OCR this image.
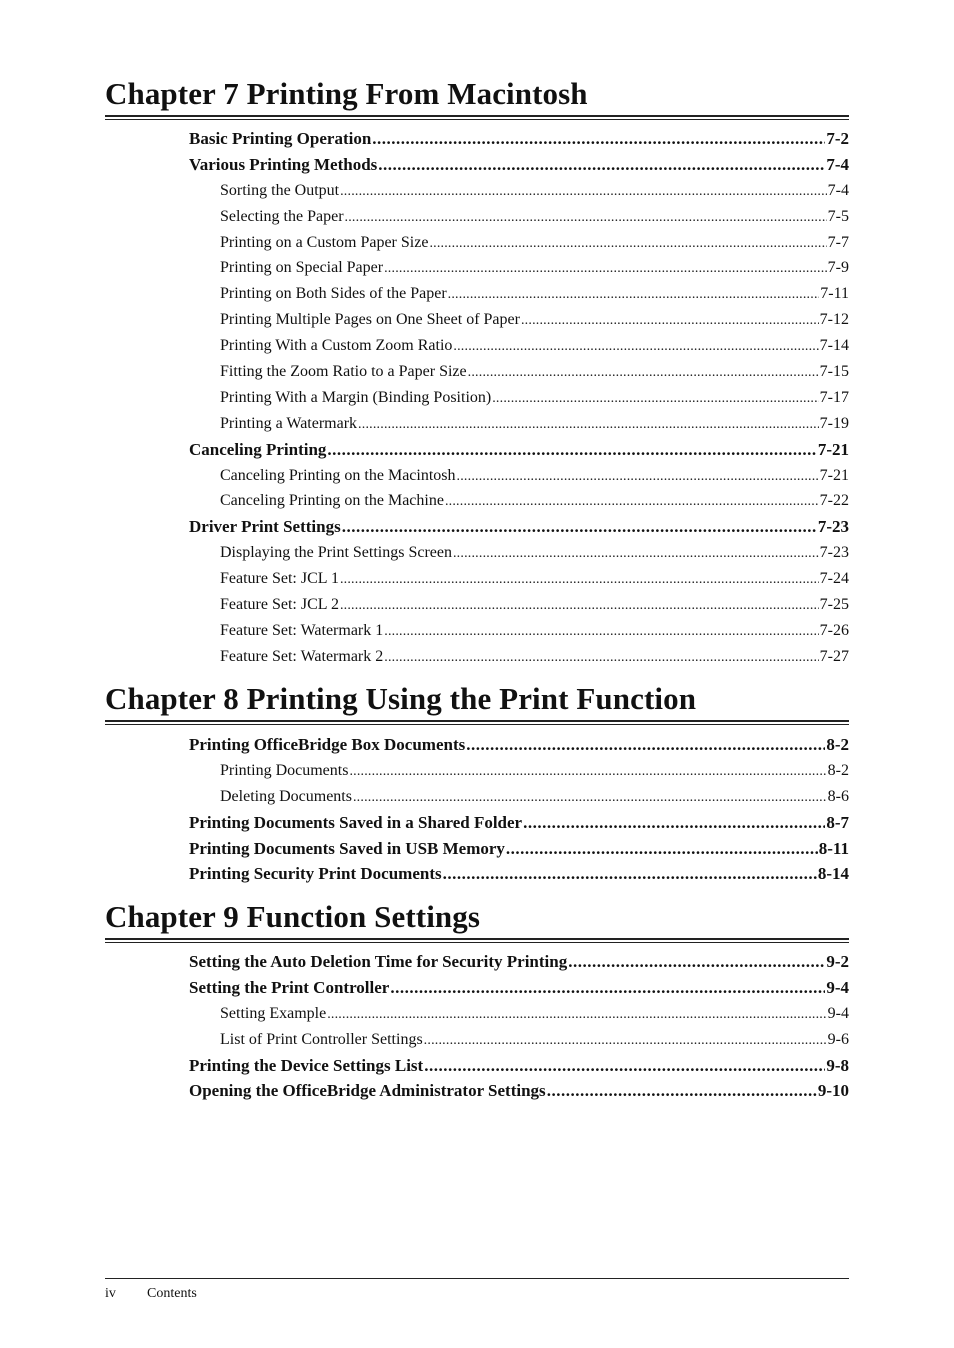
Chapter 7 Printing From Macintosh
Basic Printing Operation .....	7-2
Various Printing Methods .....	7-4
Sorting the Output .....	7-4
Selecting the Paper .....	7-5
Printing on a Custom Paper Size .....	7-7
Printing on Special Paper .....	7-9
Printing on Both Sides of the Paper .....	7-11
Printing Multiple Pages on One Sheet of Paper .....	7-12
Printing With a Custom Zoom Ratio .....	7-14
Fitting the Zoom Ratio to a Paper Size .....	7-15
Printing With a Margin (Binding Position) .....	7-17
Printing a Watermark .....	7-19
Canceling Printing .....	7-21
Canceling Printing on the Macintosh .....	7-21
Canceling Printing on the Machine .....	7-22
Driver Print Settings .....	7-23
Displaying the Print Settings Screen .....	7-23
Feature Set: JCL 1 .....	7-24
Feature Set: JCL 2 .....	7-25
Feature Set: Watermark 1 .....	7-26
Feature Set: Watermark 2 .....	7-27
Chapter 8 Printing Using the Print Function
Printing OfficeBridge Box Documents .....	8-2
Printing Documents .....	8-2
Deleting Documents .....	8-6
Printing Documents Saved in a Shared Folder .....	8-7
Printing Documents Saved in USB Memory .....	8-11
Printing Security Print Documents .....	8-14
Chapter 9 Function Settings
Setting the Auto Deletion Time for Security Printing .....	9-2
Setting the Print Controller .....	9-4
Setting Example .....	9-4
List of Print Controller Settings .....	9-6
Printing the Device Settings List .....	9-8
Opening the OfficeBridge Administrator Settings .....	9-10
iv Contents
